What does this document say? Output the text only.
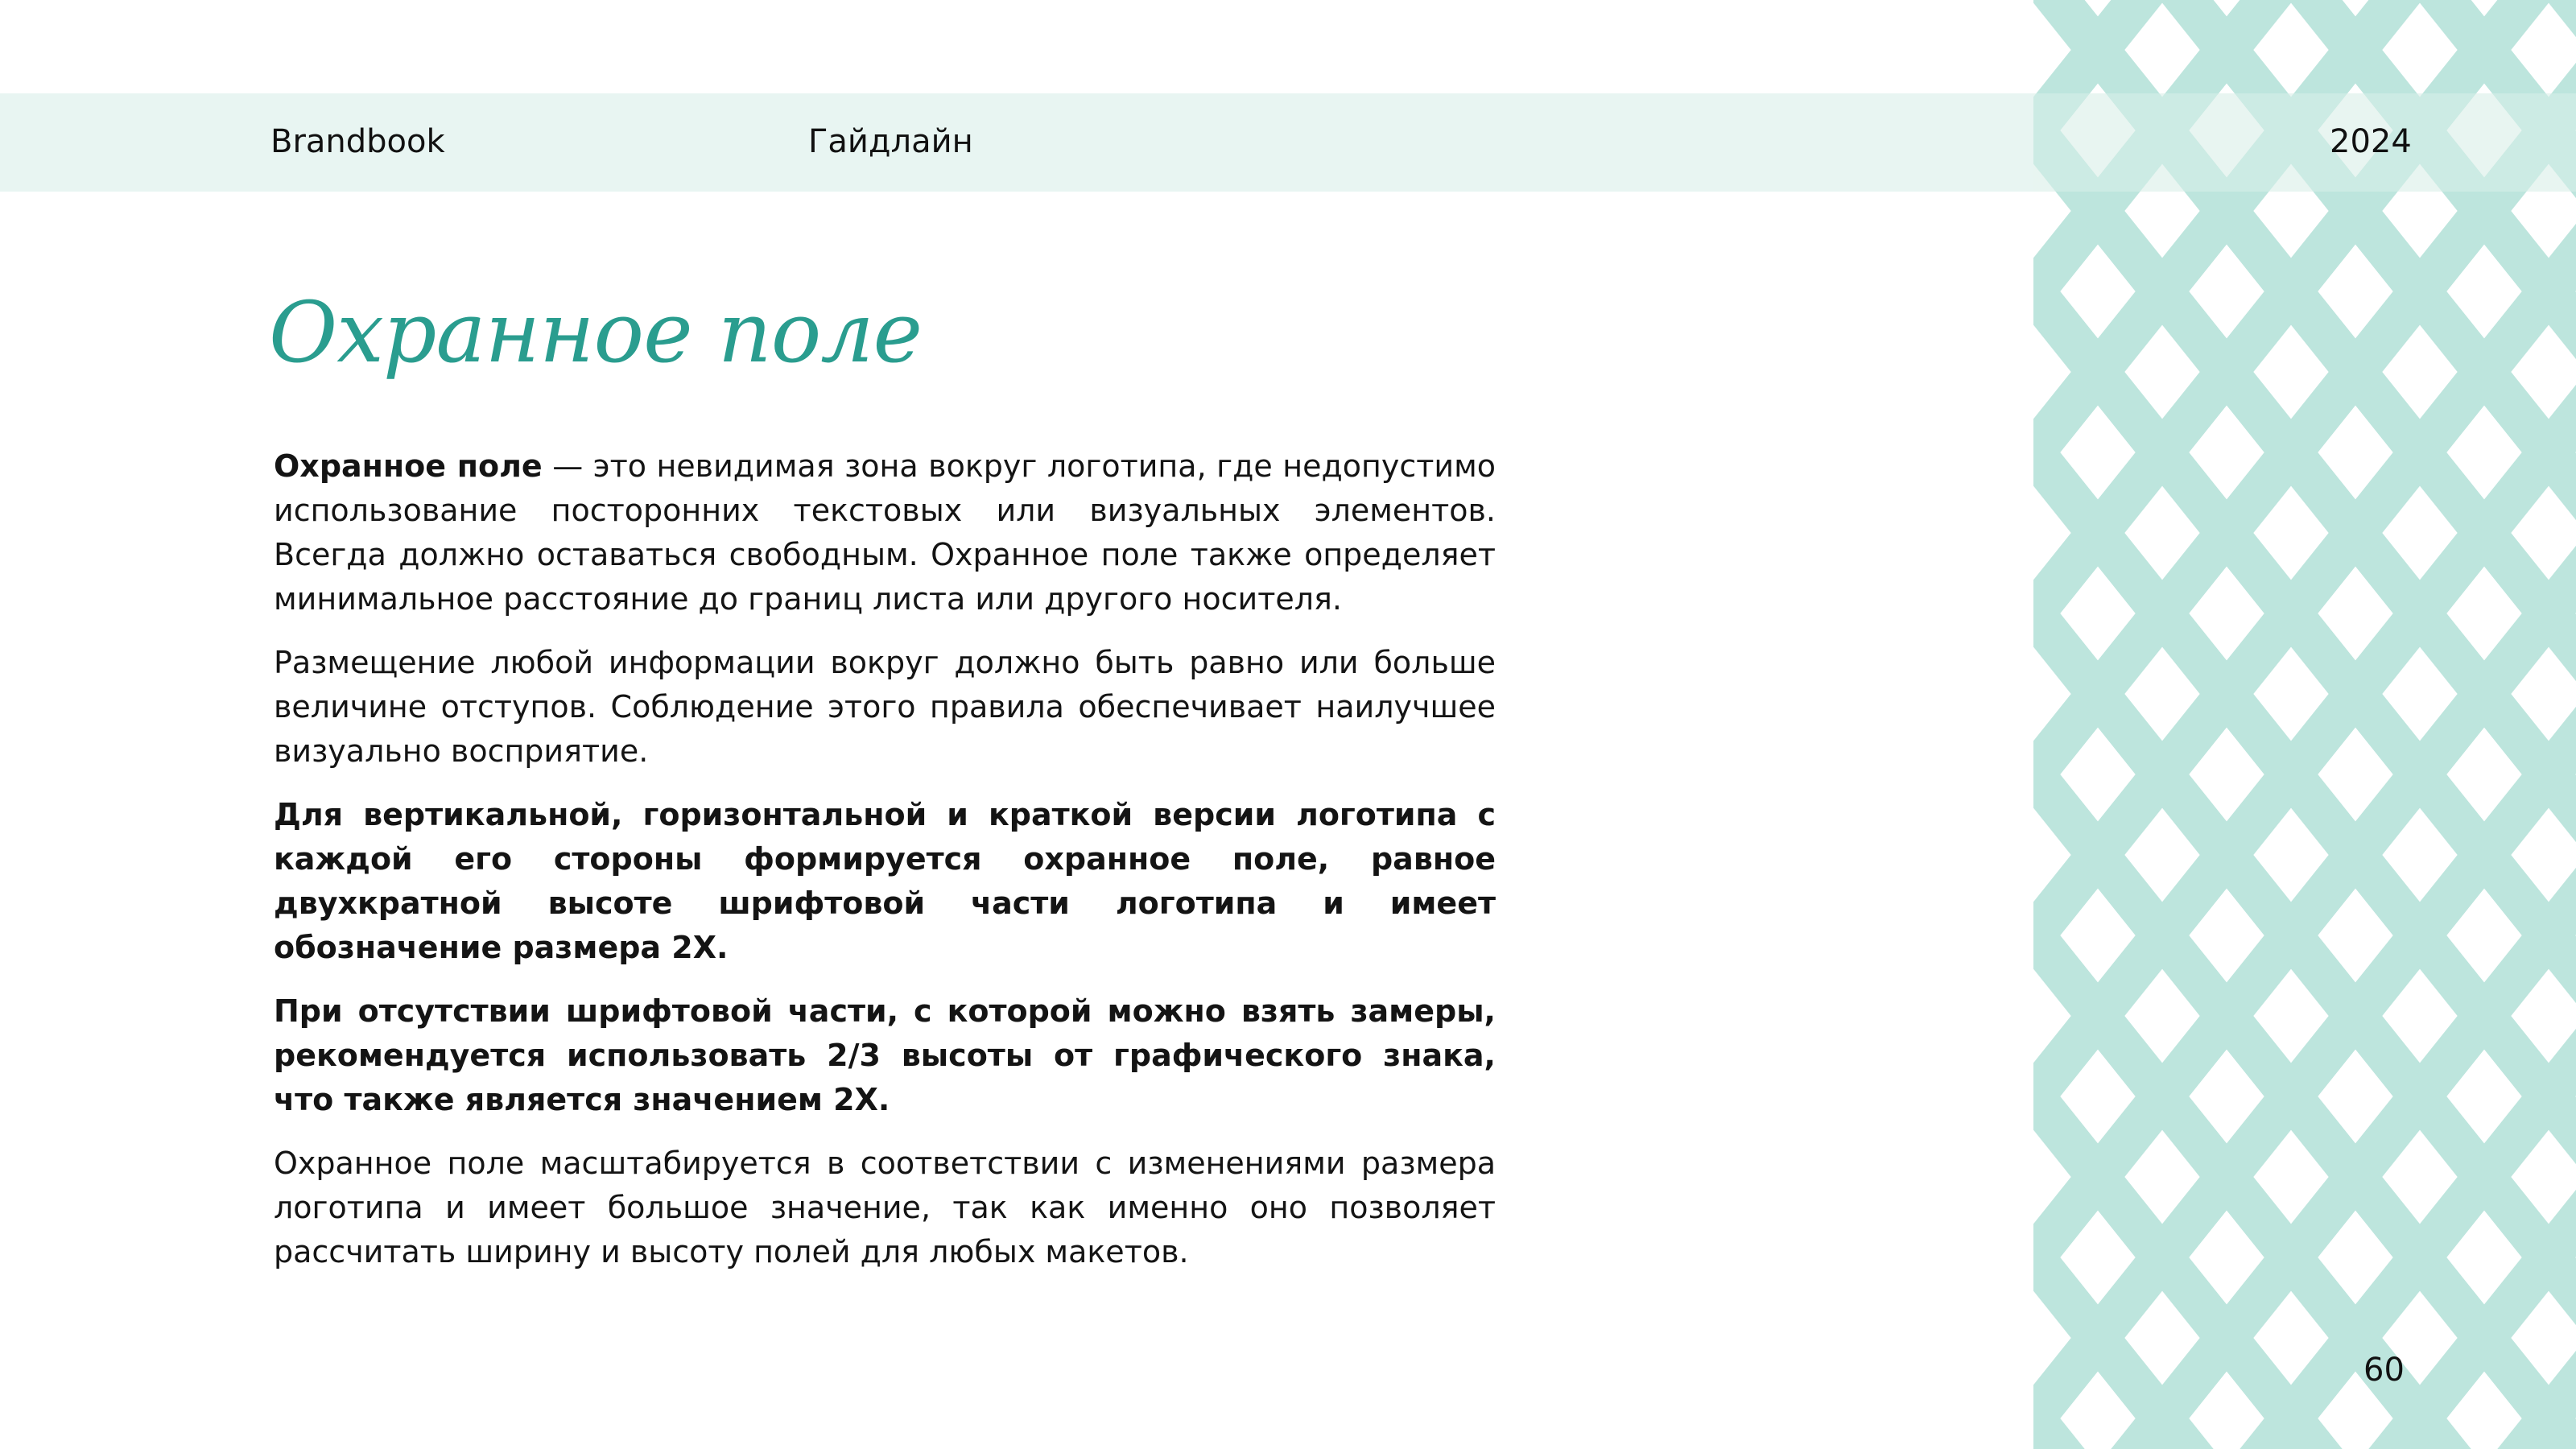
Brandbook	Гайдлайн	2024
Охранное поле

Охранное поле — это невидимая зона вокруг логотипа, где недопустимо использование посторонних текстовых или визуальных элементов. Всегда должно оставаться свободным. Охранное поле также определяет минимальное расстояние до границ листа или другого носителя.

Размещение любой информации вокруг должно быть равно или больше величине отступов. Соблюдение этого правила обеспечивает наилучшее визуально восприятие.

Для вертикальной, горизонтальной и краткой версии логотипа с каждой его стороны формируется охранное поле, равное двухкратной высоте шрифтовой части логотипа и имеет обозначение размера 2Х.

При отсутствии шрифтовой части, с которой можно взять замеры, рекомендуется использовать 2/3 высоты от графического знака, что также является значением 2Х.

Охранное поле масштабируется в соответствии с изменениями размера логотипа и имеет большое значение, так как именно оно позволяет рассчитать ширину и высоту полей для любых макетов.

60
